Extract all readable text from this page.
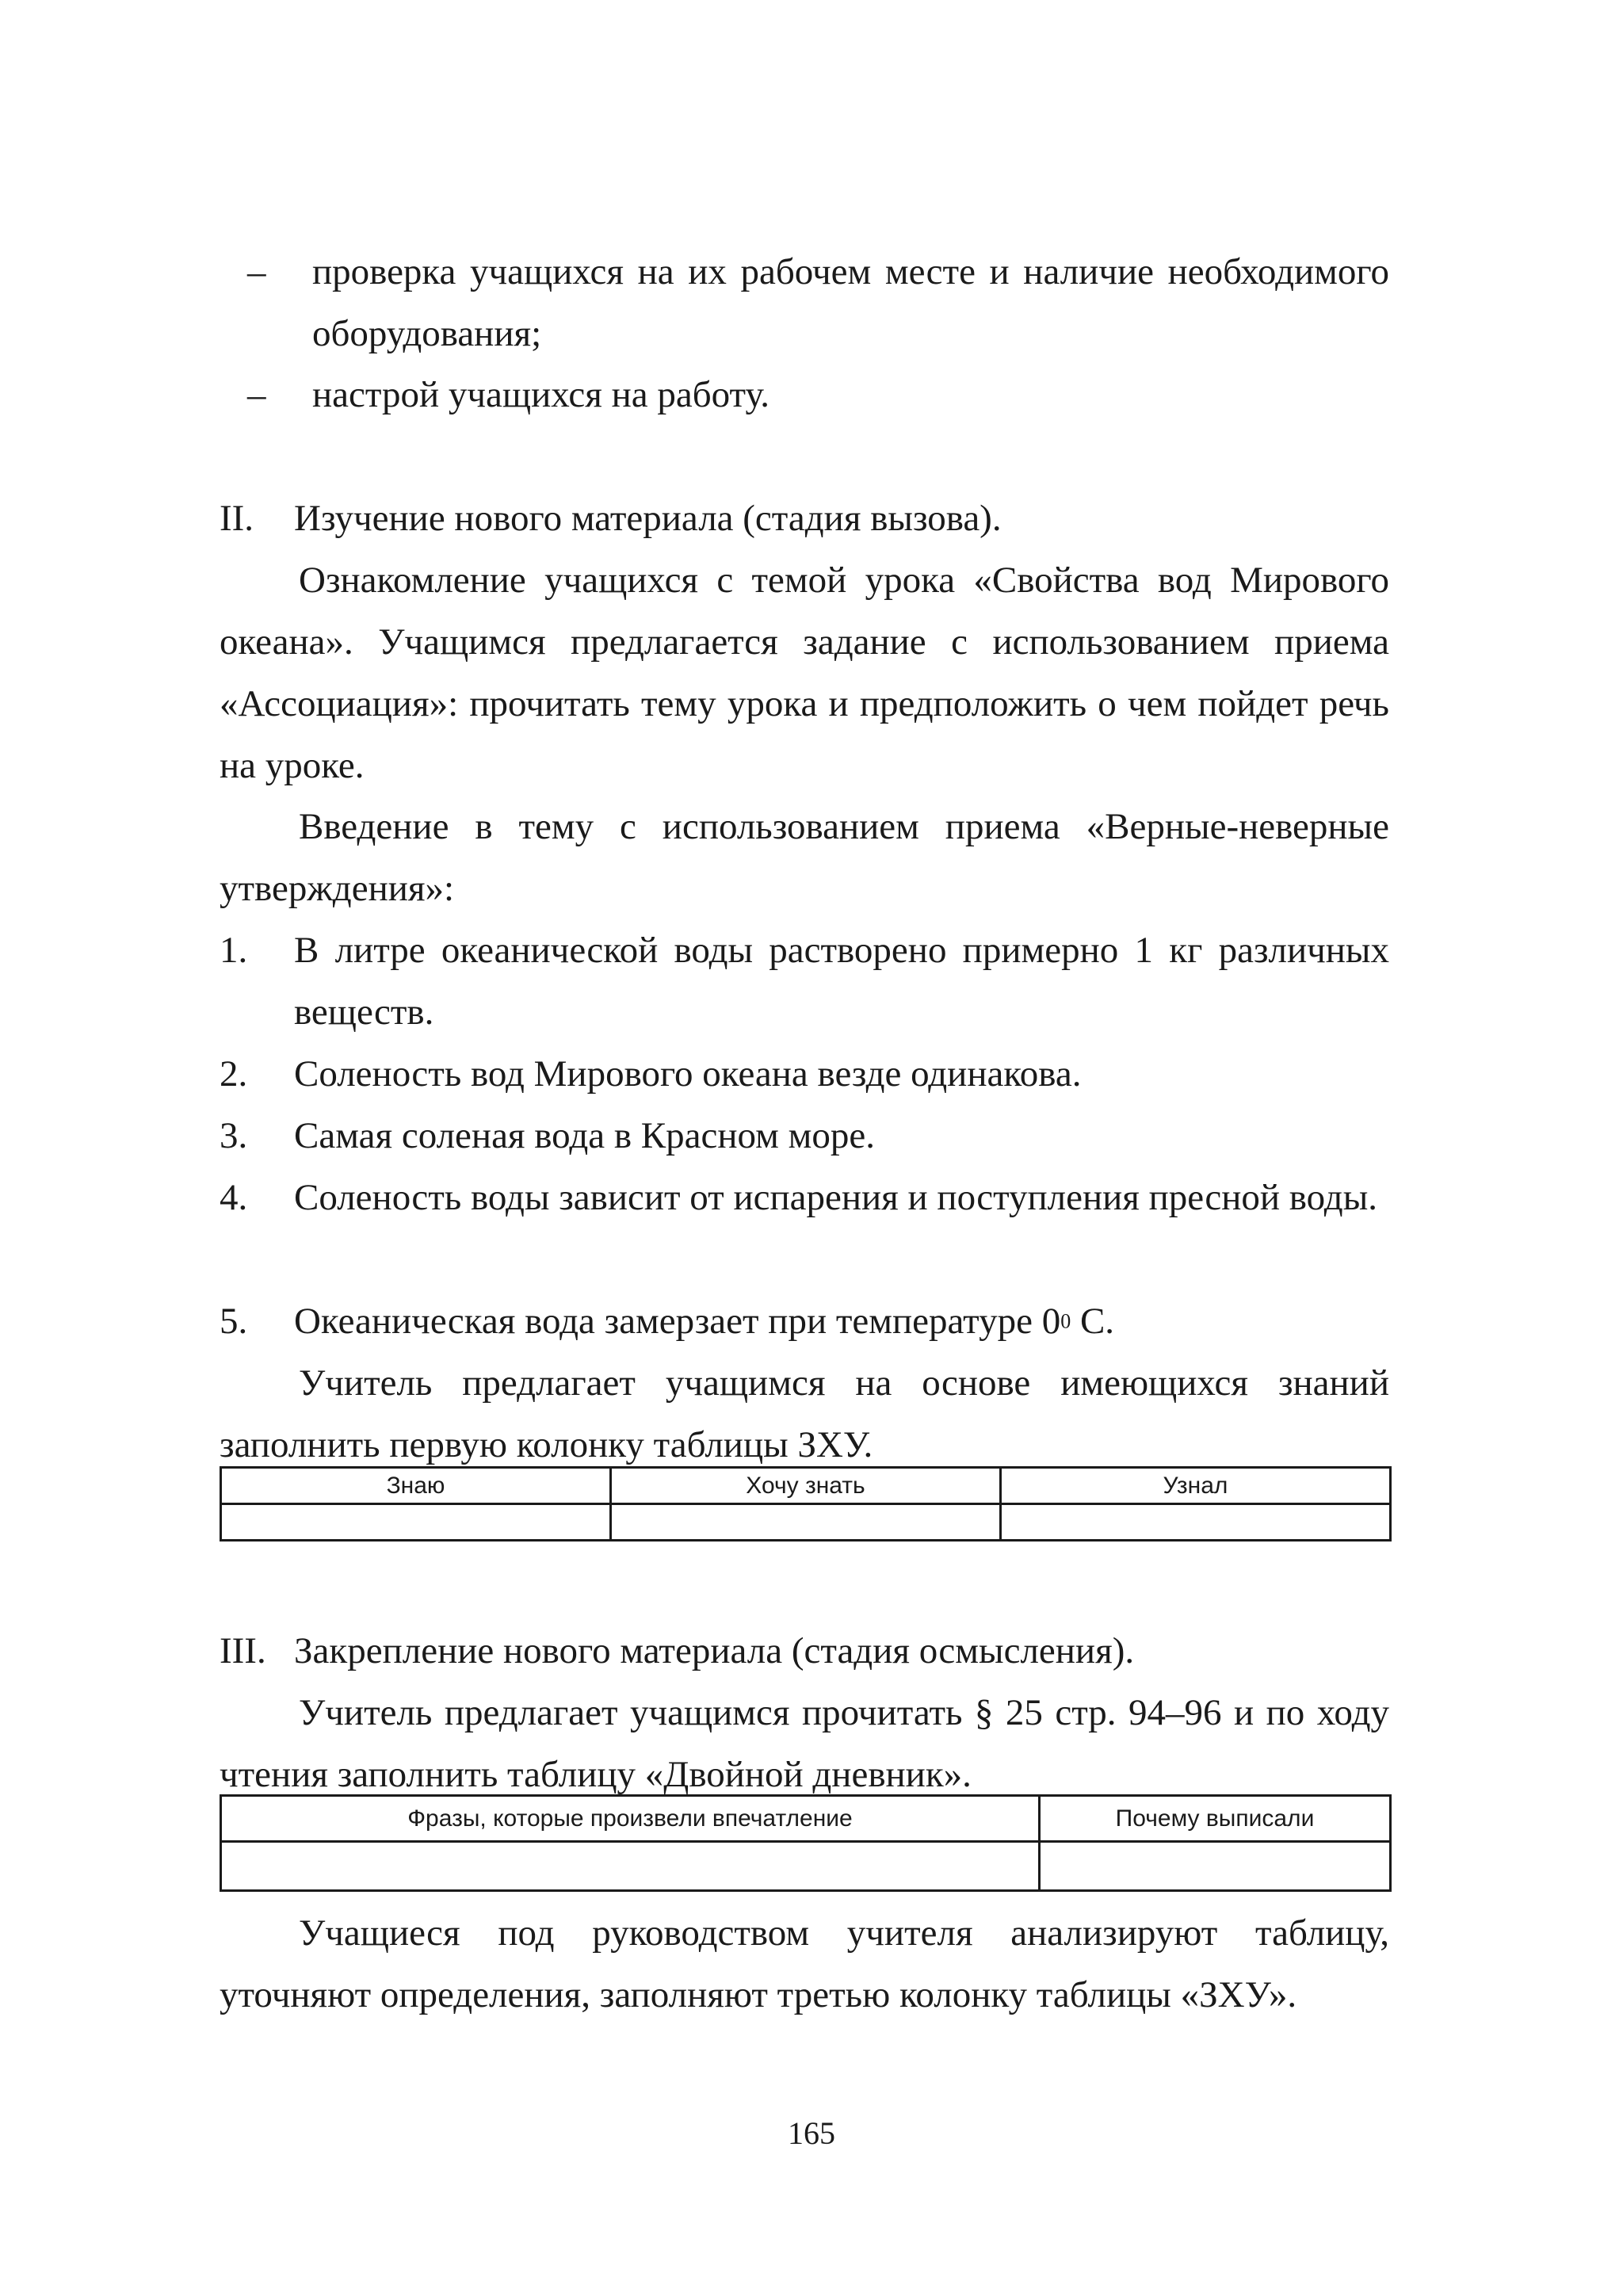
–	проверка учащихся на их рабочем месте и наличие необходимого оборудования;
–	настрой учащихся на работу.
II.	Изучение нового материала (стадия вызова).

Ознакомление учащихся с темой урока «Свойства вод Мирового океана». Учащимся предлагается задание с использованием приема «Ассоциация»: прочитать тему урока и предположить о чем пойдет речь на уроке.

Введение в тему с использованием приема «Верные-неверные утверждения»:

1.	В литре океанической воды растворено примерно 1 кг различных веществ.
2.	Соленость вод Мирового океана везде одинакова.
3.	Самая соленая вода в Красном море.
4.	Соленость воды зависит от испарения и поступления пресной воды.
5.	Океаническая вода замерзает при температуре $0^0$ С.

Учитель предлагает учащимся на основе имеющихся знаний заполнить первую колонку таблицы ЗХУ.

Знаю	Хочу знать	Узнал

III. Закрепление нового материала (стадия осмысления).

Учитель предлагает учащимся прочитать § 25 стр. 94–96 и по ходу чтения заполнить таблицу «Двойной дневник».

Фразы, которые произвели впечатление	Почему выписали

Учащиеся под руководством учителя анализируют таблицу, уточняют определения, заполняют третью колонку таблицы «ЗХУ».

165
